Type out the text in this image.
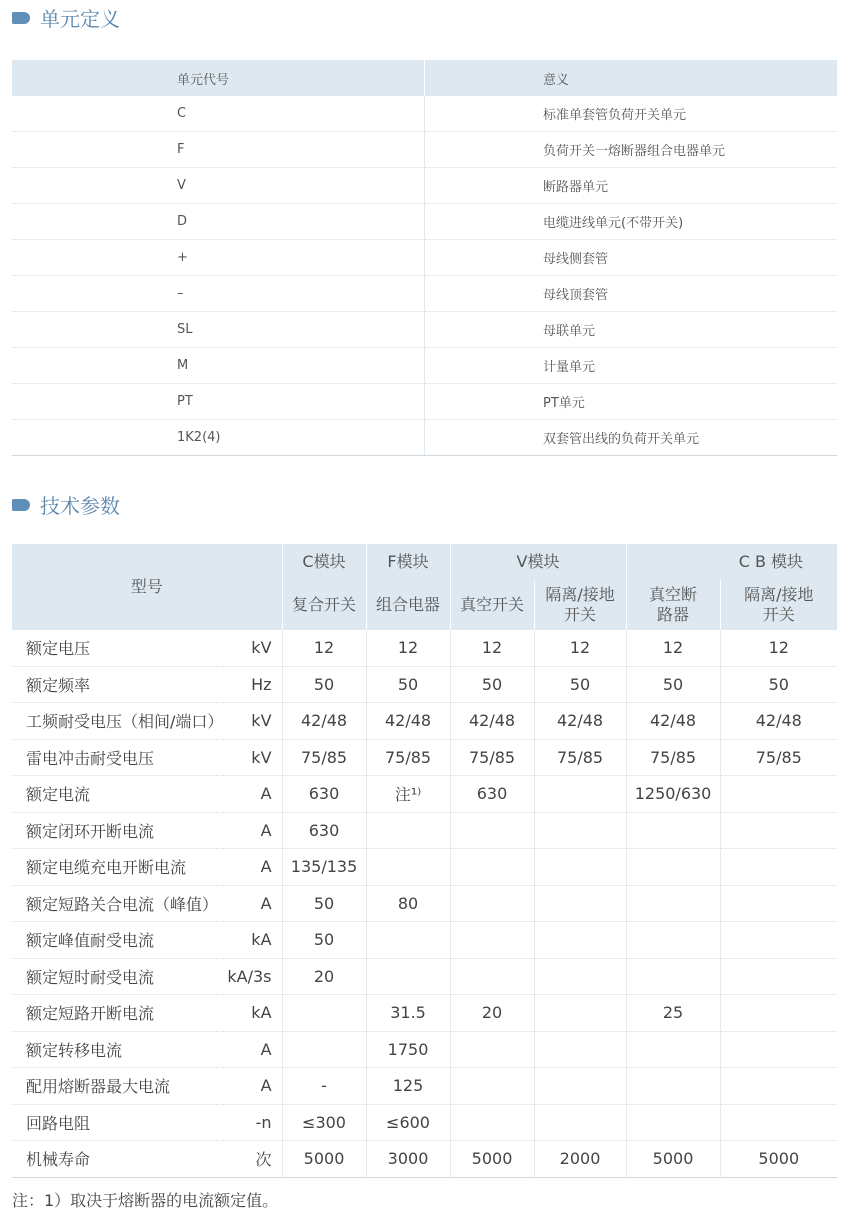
单元定义
单元代号	意义
C	标准单套管负荷开关单元
F	负荷开关一熔断器组合电器单元
V	断路器单元
D	电缆进线单元(不带开关)
+	母线侧套管
–	母线顶套管
SL	母联单元
M	计量单元
PT	PT单元
1K2(4)	双套管出线的负荷开关单元
技术参数
型号		C模块	F模块	V模块		C B 模块	
		复合开关	组合电器	真空开关	隔离/接地开关	真空断路器	隔离/接地开关
额定电压	kV	12	12	12	12	12	12
额定频率	Hz	50	50	50	50	50	50
工频耐受电压（相间/端口）	kV	42/48	42/48	42/48	42/48	42/48	42/48
雷电冲击耐受电压	kV	75/85	75/85	75/85	75/85	75/85	75/85
额定电流	A	630	注¹⁾	630		1250/630	
额定闭环开断电流	A	630					
额定电缆充电开断电流	A	135/135					
额定短路关合电流（峰值）	A	50	80				
额定峰值耐受电流	kA	50					
额定短时耐受电流	kA/3s	20					
额定短路开断电流	kA		31.5	20		25	
额定转移电流	A		1750				
配用熔断器最大电流	A	-	125				
回路电阻	-n	≤300	≤600				
机械寿命	次	5000	3000	5000	2000	5000	5000
注：1）取决于熔断器的电流额定值。
